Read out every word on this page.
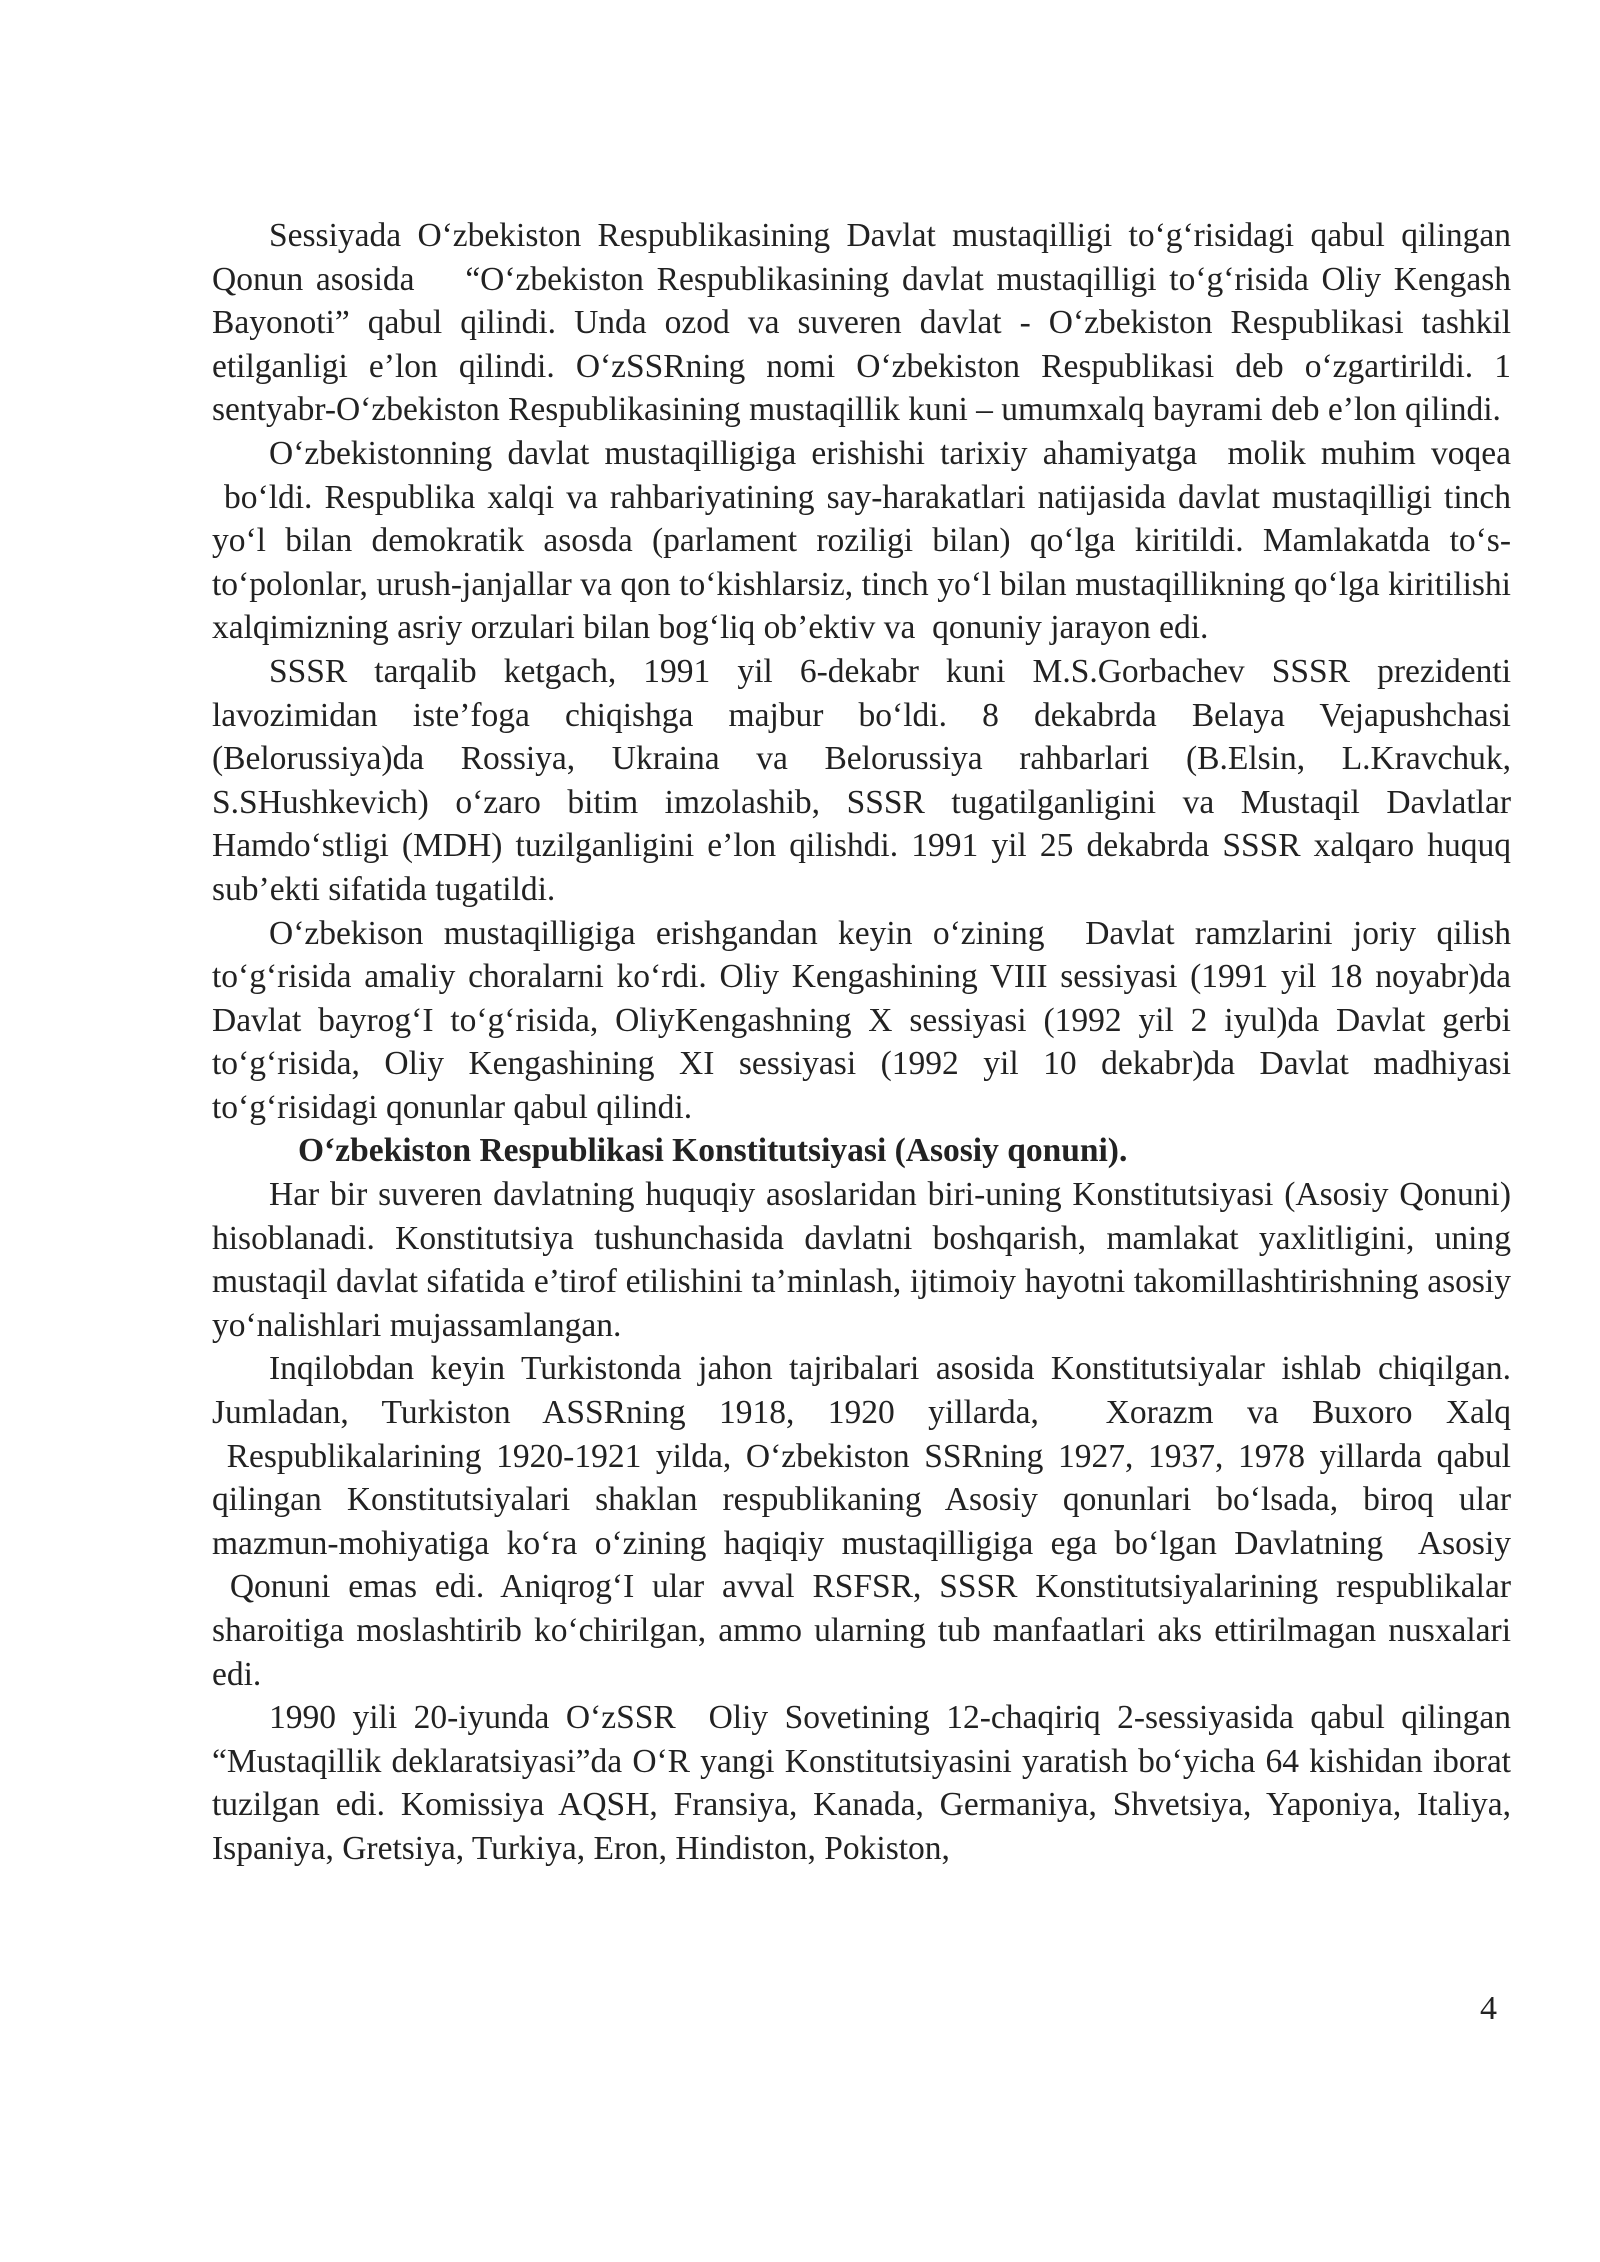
Sessiyada O‘zbekiston Respublikasining Davlat mustaqilligi to‘g‘risidagi qabul qilingan Qonun asosida    “O‘zbekiston Respublikasining davlat mustaqilligi to‘g‘risida Oliy Kengash Bayonoti” qabul qilindi. Unda ozod va suveren davlat - O‘zbekiston Respublikasi tashkil etilganligi e’lon qilindi. O‘zSSRning nomi O‘zbekiston Respublikasi deb o‘zgartirildi. 1 sentyabr-O‘zbekiston Respublikasining mustaqillik kuni – umumxalq bayrami deb e’lon qilindi.

O‘zbekistonning davlat mustaqilligiga erishishi tarixiy ahamiyatga  molik muhim voqea  bo‘ldi. Respublika xalqi va rahbariyatining say-harakatlari natijasida davlat mustaqilligi tinch yo‘l bilan demokratik asosda (parlament roziligi bilan) qo‘lga kiritildi. Mamlakatda to‘s-to‘polonlar, urush-janjallar va qon to‘kishlarsiz, tinch yo‘l bilan mustaqillikning qo‘lga kiritilishi xalqimizning asriy orzulari bilan bog‘liq ob’ektiv va  qonuniy jarayon edi.

SSSR tarqalib ketgach, 1991 yil 6-dekabr kuni M.S.Gorbachev SSSR prezidenti lavozimidan iste’foga chiqishga majbur bo‘ldi. 8 dekabrda Belaya Vejapushchasi (Belorussiya)da Rossiya, Ukraina va Belorussiya rahbarlari (B.Elsin, L.Kravchuk, S.SHushkevich) o‘zaro bitim imzolashib, SSSR tugatilganligini va Mustaqil Davlatlar Hamdo‘stligi (MDH) tuzilganligini e’lon qilishdi. 1991 yil 25 dekabrda SSSR xalqaro huquq sub’ekti sifatida tugatildi.

O‘zbekison mustaqilligiga erishgandan keyin o‘zining  Davlat ramzlarini joriy qilish to‘g‘risida amaliy choralarni ko‘rdi. Oliy Kengashining VIII sessiyasi (1991 yil 18 noyabr)da Davlat bayrog‘I to‘g‘risida, OliyKengashning X sessiyasi (1992 yil 2 iyul)da Davlat gerbi to‘g‘risida, Oliy Kengashining XI sessiyasi (1992 yil 10 dekabr)da Davlat madhiyasi to‘g‘risidagi qonunlar qabul qilindi.

O‘zbekiston Respublikasi Konstitutsiyasi (Asosiy qonuni).

Har bir suveren davlatning huquqiy asoslaridan biri-uning Konstitutsiyasi (Asosiy Qonuni) hisoblanadi. Konstitutsiya tushunchasida davlatni boshqarish, mamlakat yaxlitligini, uning mustaqil davlat sifatida e’tirof etilishini ta’minlash, ijtimoiy hayotni takomillashtirishning asosiy yo‘nalishlari mujassamlangan.

Inqilobdan keyin Turkistonda jahon tajribalari asosida Konstitutsiyalar ishlab chiqilgan. Jumladan, Turkiston ASSRning 1918, 1920 yillarda,  Xorazm va Buxoro Xalq  Respublikalarining 1920-1921 yilda, O‘zbekiston SSRning 1927, 1937, 1978 yillarda qabul qilingan Konstitutsiyalari shaklan respublikaning Asosiy qonunlari bo‘lsada, biroq ular mazmun-mohiyatiga ko‘ra o‘zining haqiqiy mustaqilligiga ega bo‘lgan Davlatning  Asosiy  Qonuni emas edi. Aniqrog‘I ular avval RSFSR, SSSR Konstitutsiyalarining respublikalar sharoitiga moslashtirib ko‘chirilgan, ammo ularning tub manfaatlari aks ettirilmagan nusxalari edi.

1990 yili 20-iyunda O‘zSSR  Oliy Sovetining 12-chaqiriq 2-sessiyasida qabul qilingan “Mustaqillik deklaratsiyasi”da O‘R yangi Konstitutsiyasini yaratish bo‘yicha 64 kishidan iborat tuzilgan edi. Komissiya AQSH, Fransiya, Kanada, Germaniya, Shvetsiya, Yaponiya, Italiya, Ispaniya, Gretsiya, Turkiya, Eron, Hindiston, Pokiston,

4
